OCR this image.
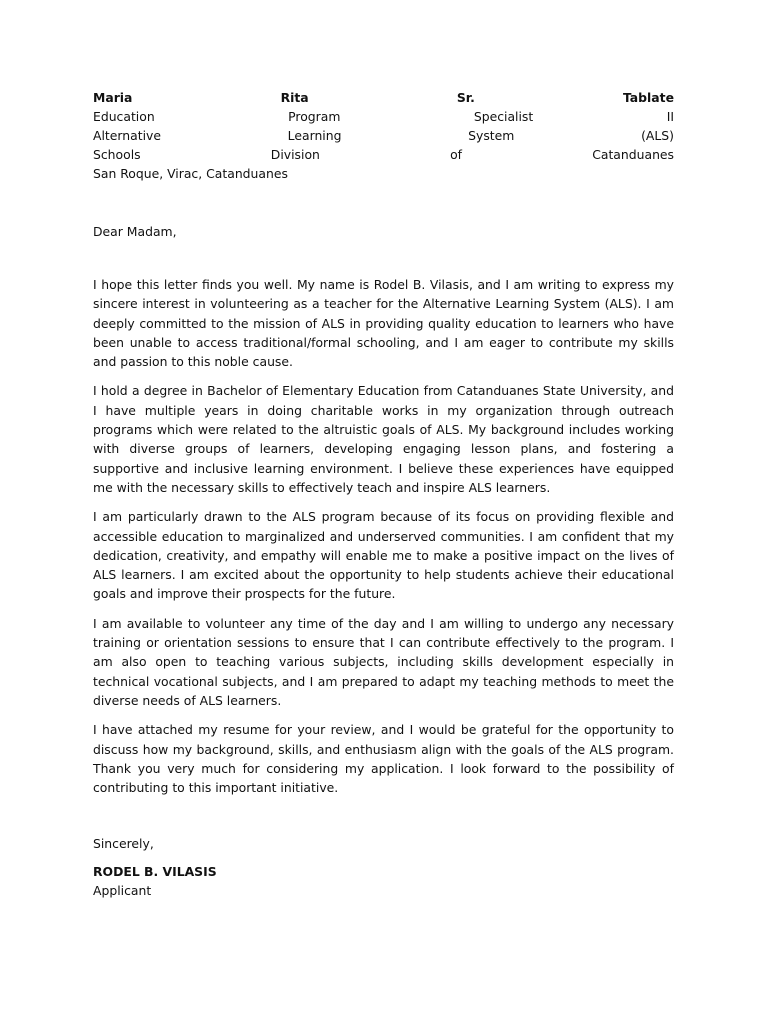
Maria	Rita	Sr.	Tablate
Education	Program	Specialist	II
Alternative	Learning	System	(ALS)
Schools	Division	of	Catanduanes
San Roque, Virac, Catanduanes
Dear Madam,

I hope this letter finds you well. My name is Rodel B. Vilasis, and I am writing to express my sincere interest in volunteering as a teacher for the Alternative Learning System (ALS). I am deeply committed to the mission of ALS in providing quality education to learners who have been unable to access traditional/formal schooling, and I am eager to contribute my skills and passion to this noble cause.

I hold a degree in Bachelor of Elementary Education from Catanduanes State University, and I have multiple years in doing charitable works in my organization through outreach programs which were related to the altruistic goals of ALS. My background includes working with diverse groups of learners, developing engaging lesson plans, and fostering a supportive and inclusive learning environment. I believe these experiences have equipped me with the necessary skills to effectively teach and inspire ALS learners.

I am particularly drawn to the ALS program because of its focus on providing flexible and accessible education to marginalized and underserved communities. I am confident that my dedication, creativity, and empathy will enable me to make a positive impact on the lives of ALS learners. I am excited about the opportunity to help students achieve their educational goals and improve their prospects for the future.

I am available to volunteer any time of the day and I am willing to undergo any necessary training or orientation sessions to ensure that I can contribute effectively to the program. I am also open to teaching various subjects, including skills development especially in technical vocational subjects, and I am prepared to adapt my teaching methods to meet the diverse needs of ALS learners.

I have attached my resume for your review, and I would be grateful for the opportunity to discuss how my background, skills, and enthusiasm align with the goals of the ALS program. Thank you very much for considering my application. I look forward to the possibility of contributing to this important initiative.

Sincerely,
RODEL B. VILASIS
Applicant
